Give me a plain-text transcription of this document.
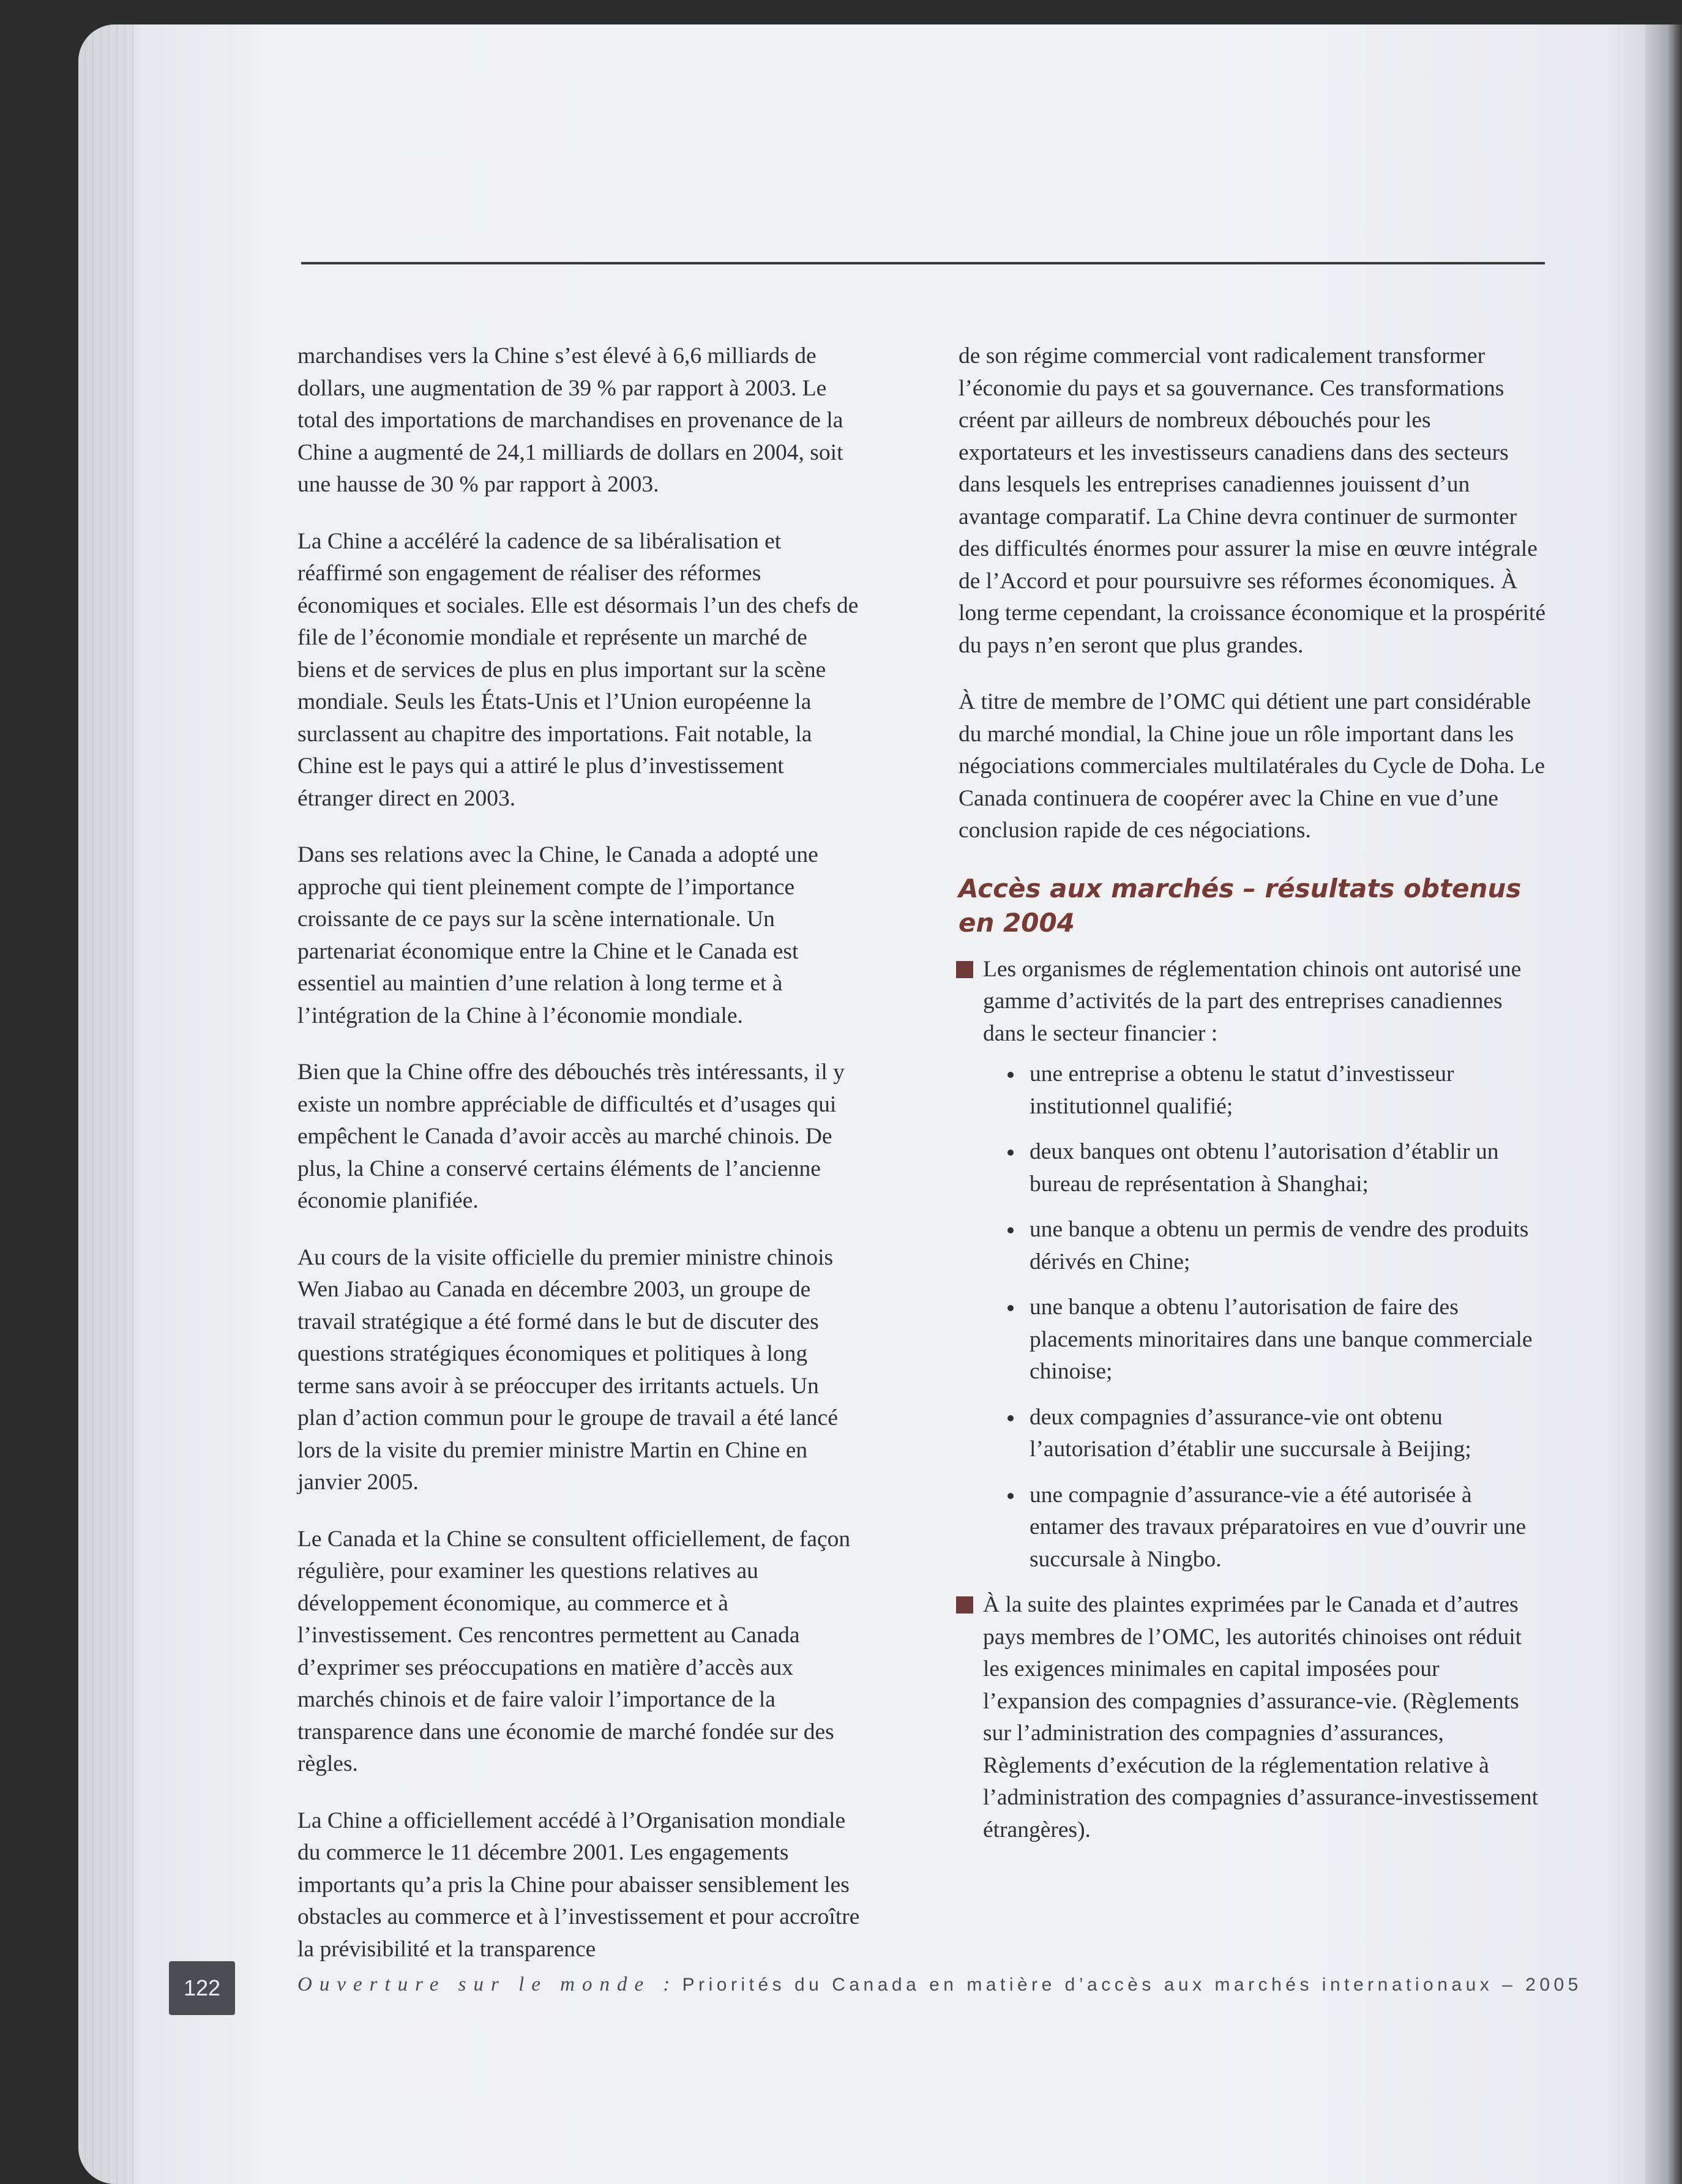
marchandises vers la Chine s’est élevé à 6,6 milliards de dollars, une augmentation de 39 % par rapport à 2003. Le total des importations de marchandises en provenance de la Chine a augmenté de 24,1 milliards de dollars en 2004, soit une hausse de 30 % par rapport à 2003.

La Chine a accéléré la cadence de sa libéralisation et réaffirmé son engagement de réaliser des réformes économiques et sociales. Elle est désormais l’un des chefs de file de l’économie mondiale et représente un marché de biens et de services de plus en plus important sur la scène mondiale. Seuls les États-Unis et l’Union européenne la surclassent au chapitre des importations. Fait notable, la Chine est le pays qui a attiré le plus d’investissement étranger direct en 2003.

Dans ses relations avec la Chine, le Canada a adopté une approche qui tient pleinement compte de l’importance croissante de ce pays sur la scène internationale. Un partenariat économique entre la Chine et le Canada est essentiel au maintien d’une relation à long terme et à l’intégration de la Chine à l’économie mondiale.

Bien que la Chine offre des débouchés très intéressants, il y existe un nombre appréciable de difficultés et d’usages qui empêchent le Canada d’avoir accès au marché chinois. De plus, la Chine a conservé certains éléments de l’ancienne économie planifiée.

Au cours de la visite officielle du premier ministre chinois Wen Jiabao au Canada en décembre 2003, un groupe de travail stratégique a été formé dans le but de discuter des questions stratégiques économiques et politiques à long terme sans avoir à se préoccuper des irritants actuels. Un plan d’action commun pour le groupe de travail a été lancé lors de la visite du premier ministre Martin en Chine en janvier 2005.

Le Canada et la Chine se consultent officiellement, de façon régulière, pour examiner les questions relatives au développement économique, au commerce et à l’investissement. Ces rencontres permettent au Canada d’exprimer ses préoccupations en matière d’accès aux marchés chinois et de faire valoir l’importance de la transparence dans une économie de marché fondée sur des règles.

La Chine a officiellement accédé à l’Organisation mondiale du commerce le 11 décembre 2001. Les engagements importants qu’a pris la Chine pour abaisser sensiblement les obstacles au commerce et à l’investissement et pour accroître la prévisibilité et la transparence

de son régime commercial vont radicalement transformer l’économie du pays et sa gouvernance. Ces transformations créent par ailleurs de nombreux débouchés pour les exportateurs et les investisseurs canadiens dans des secteurs dans lesquels les entreprises canadiennes jouissent d’un avantage comparatif. La Chine devra continuer de surmonter des difficultés énormes pour assurer la mise en œuvre intégrale de l’Accord et pour poursuivre ses réformes économiques. À long terme cependant, la croissance économique et la prospérité du pays n’en seront que plus grandes.

À titre de membre de l’OMC qui détient une part considérable du marché mondial, la Chine joue un rôle important dans les négociations commerciales multilatérales du Cycle de Doha. Le Canada continuera de coopérer avec la Chine en vue d’une conclusion rapide de ces négociations.

Accès aux marchés – résultats obtenus en 2004
Les organismes de réglementation chinois ont autorisé une gamme d’activités de la part des entreprises canadiennes dans le secteur financier :
une entreprise a obtenu le statut d’investisseur institutionnel qualifié;
deux banques ont obtenu l’autorisation d’établir un bureau de représentation à Shanghai;
une banque a obtenu un permis de vendre des produits dérivés en Chine;
une banque a obtenu l’autorisation de faire des placements minoritaires dans une banque commerciale chinoise;
deux compagnies d’assurance-vie ont obtenu l’autorisation d’établir une succursale à Beijing;
une compagnie d’assurance-vie a été autorisée à entamer des travaux préparatoires en vue d’ouvrir une succursale à Ningbo.
À la suite des plaintes exprimées par le Canada et d’autres pays membres de l’OMC, les autorités chinoises ont réduit les exigences minimales en capital imposées pour l’expansion des compagnies d’assurance-vie. (Règlements sur l’administration des compagnies d’assurances, Règlements d’exécution de la réglementation relative à l’administration des compagnies d’assurance-investissement étrangères).
122	Ouverture sur le monde : Priorités du Canada en matière d’accès aux marchés internationaux – 2005
